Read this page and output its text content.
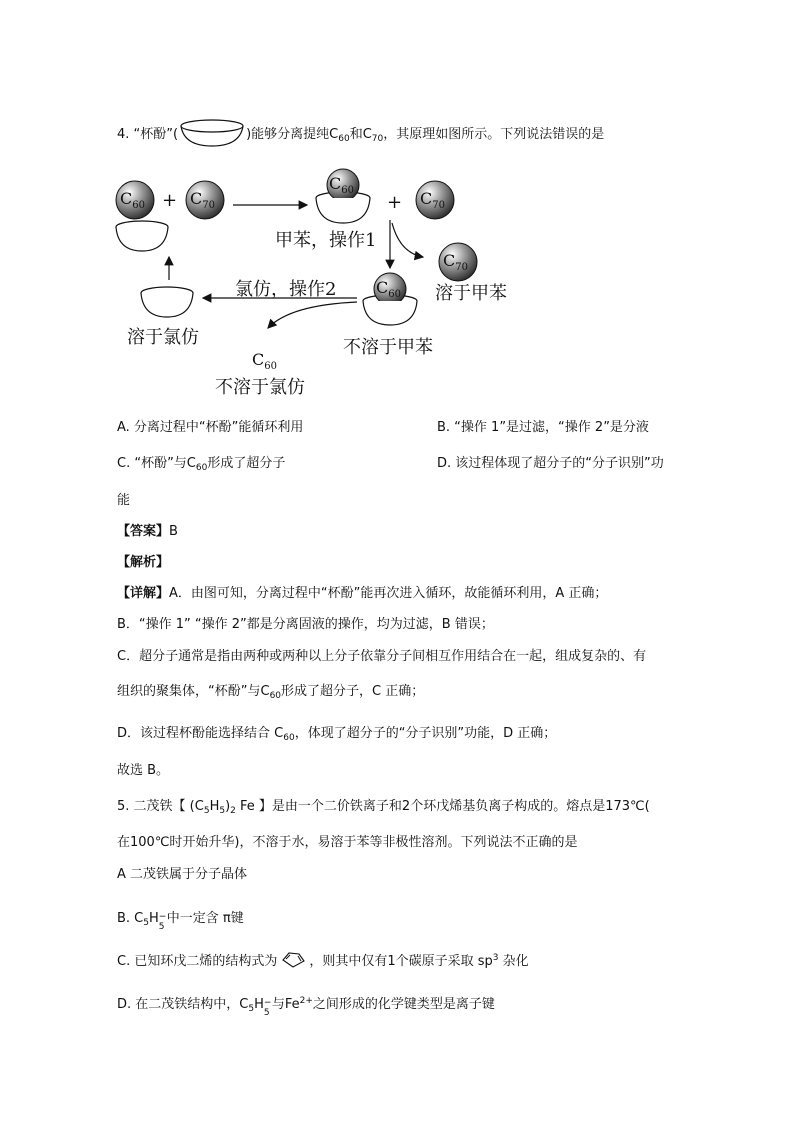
4. “杯酚”(	)能够分离提纯$C_{60}$和$C_{70}$，其原理如图所示。下列说法错误的是
$C_{60}$	$C_{70}$
$C_{60}$	$C_{70}$
$C_{70}$
$C_{60}$
+	+
甲苯，操作1
溶于甲苯
氯仿，操作2
溶于氯仿	不溶于甲苯
$C_{60}$
不溶于氯仿
A. 分离过程中“杯酚”能循环利用	B. “操作 1”是过滤，“操作 2”是分液
C. “杯酚”与$C_{60}$形成了超分子	D. 该过程体现了超分子的“分子识别”功
能
【答案】B
【解析】
【详解】A．由图可知，分离过程中“杯酚”能再次进入循环，故能循环利用，A 正确；
B．“操作 1” “操作 2”都是分离固液的操作，均为过滤，B 错误；
C．超分子通常是指由两种或两种以上分子依靠分子间相互作用结合在一起，组成复杂的、有
组织的聚集体，“杯酚”与$C_{60}$形成了超分子，C 正确；
D．该过程杯酚能选择结合 $C_{60}$，体现了超分子的“分子识别”功能，D 正确；
故选 B。
5. 二茂铁【 $(C_5H_5)_2$ Fe 】是由一个二价铁离子和2个环戊烯基负离子构成的。熔点是173℃(
在100℃时开始升华)，不溶于水，易溶于苯等非极性溶剂。下列说法不正确的是
A 二茂铁属于分子晶体
B. $C_5H$ −
5
中一定含 π键
C. 已知环戊二烯的结构式为 ，则其中仅有1个碳原子采取 $sp^3$ 杂化
D. 在二茂铁结构中，$C_5H$ −
5
与$Fe^{2+}$之间形成的化学键类型是离子键
